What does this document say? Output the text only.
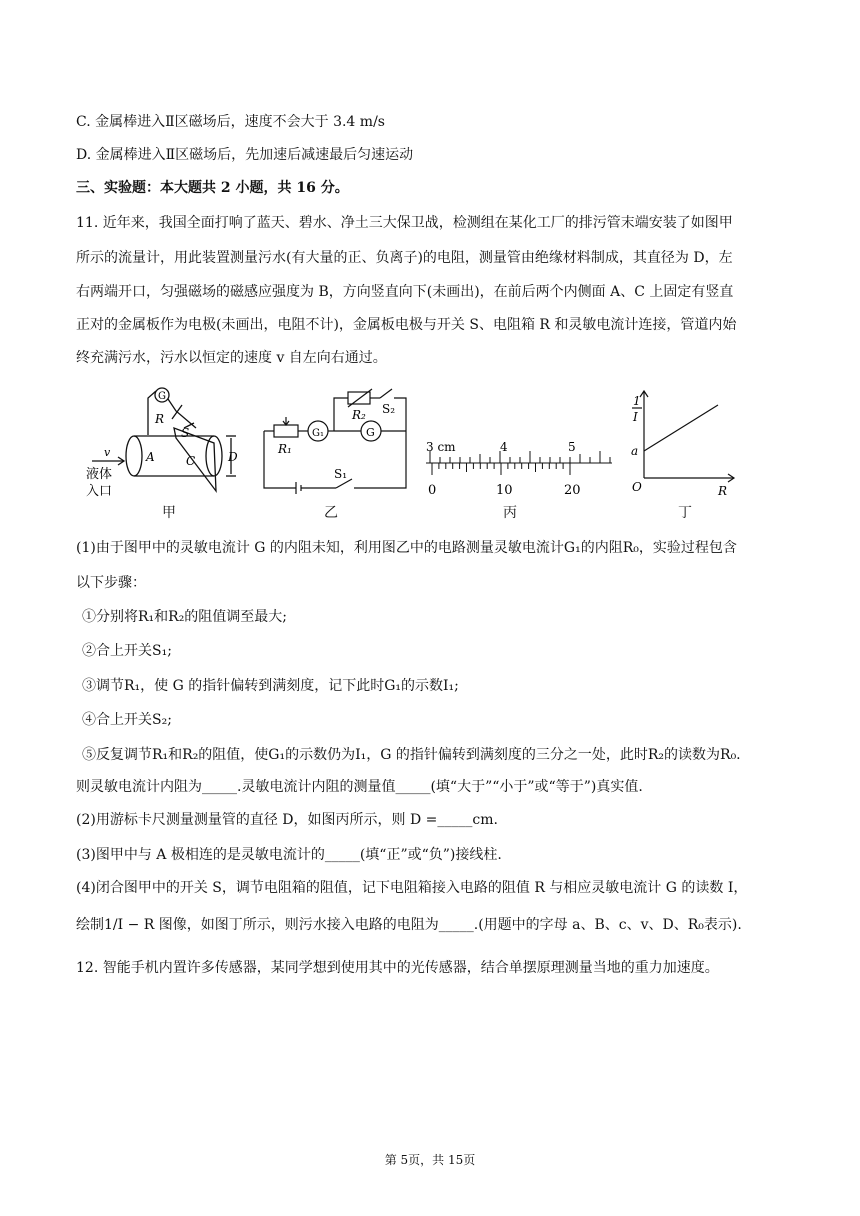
C. 金属棒进入Ⅱ区磁场后，速度不会大于 3.4 m/s
D. 金属棒进入Ⅱ区磁场后，先加速后减速最后匀速运动
三、实验题：本大题共 2 小题，共 16 分。
11. 近年来，我国全面打响了蓝天、碧水、净土三大保卫战，检测组在某化工厂的排污管末端安装了如图甲
所示的流量计，用此装置测量污水(有大量的正、负离子)的电阻，测量管由绝缘材料制成，其直径为 D，左
右两端开口，匀强磁场的磁感应强度为 B，方向竖直向下(未画出)，在前后两个内侧面 A、C 上固定有竖直
正对的金属板作为电极(未画出，电阻不计)，金属板电极与开关 S、电阻箱 R 和灵敏电流计连接，管道内始
终充满污水，污水以恒定的速度 v 自左向右通过。
G
R
S
v	A	C	D
液体
入口
甲
G₁	G
R₁
R₂ S₂
S₁
乙
3 cm	4	5
0	10	20
丙
1
I
a
O	R
丁
(1)由于图甲中的灵敏电流计 G 的内阻未知，利用图乙中的电路测量灵敏电流计G₁的内阻R₀，实验过程包含
以下步骤：
①分别将R₁和R₂的阻值调至最大;
②合上开关S₁;
③调节R₁，使 G 的指针偏转到满刻度，记下此时G₁的示数I₁;
④合上开关S₂;
⑤反复调节R₁和R₂的阻值，使G₁的示数仍为I₁，G 的指针偏转到满刻度的三分之一处，此时R₂的读数为R₀.
则灵敏电流计内阻为_____.灵敏电流计内阻的测量值_____(填“大于”“小于”或“等于”)真实值.
(2)用游标卡尺测量测量管的直径 D，如图丙所示，则 D =_____cm.
(3)图甲中与 A 极相连的是灵敏电流计的_____(填“正”或“负”)接线柱.
(4)闭合图甲中的开关 S，调节电阻箱的阻值，记下电阻箱接入电路的阻值 R 与相应灵敏电流计 G 的读数 I，
绘制1/I − R 图像，如图丁所示，则污水接入电路的电阻为_____.(用题中的字母 a、B、c、v、D、R₀表示).
12. 智能手机内置许多传感器，某同学想到使用其中的光传感器，结合单摆原理测量当地的重力加速度。
第 5页，共 15页
